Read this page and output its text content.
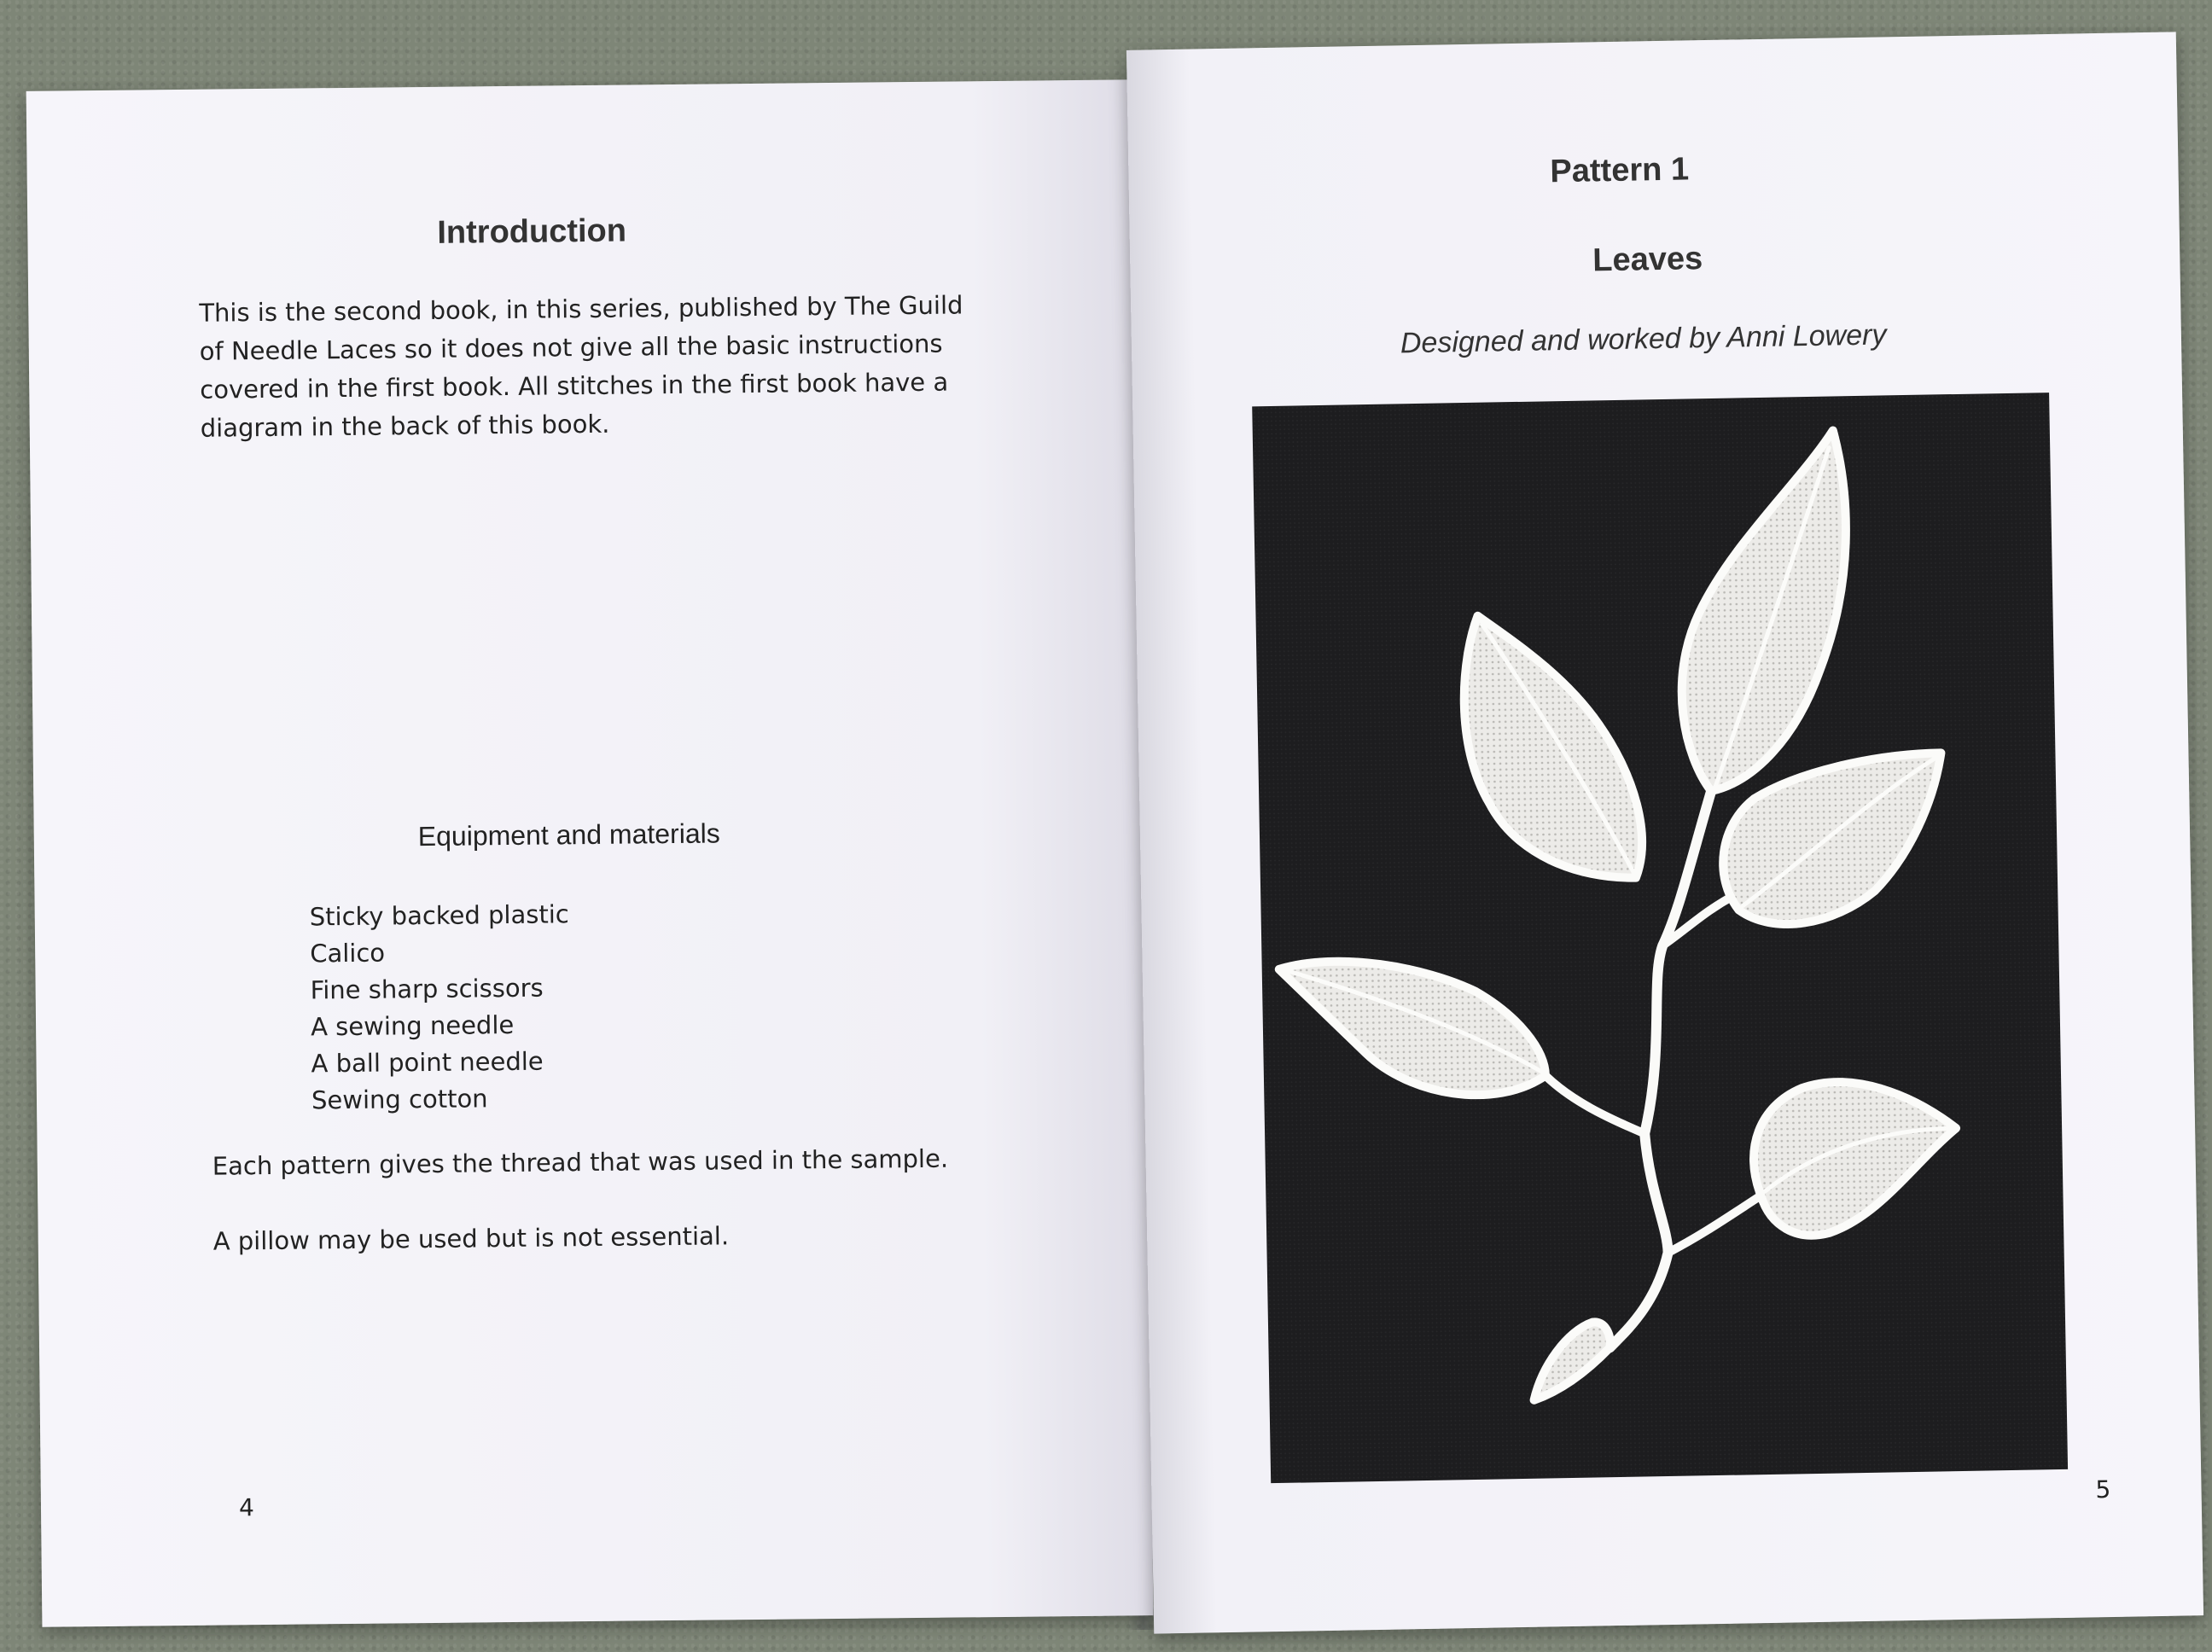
Introduction
This is the second book, in this series, published by The Guild of Needle Laces so it does not give all the basic instructions covered in the first book. All stitches in the first book have a diagram in the back of this book.
Equipment and materials
Sticky backed plastic
Calico
Fine sharp scissors
A sewing needle
A ball point needle
Sewing cotton
Each pattern gives the thread that was used in the sample.
A pillow may be used but is not essential.
4
Pattern 1
Leaves
Designed and worked by Anni Lowery
5
